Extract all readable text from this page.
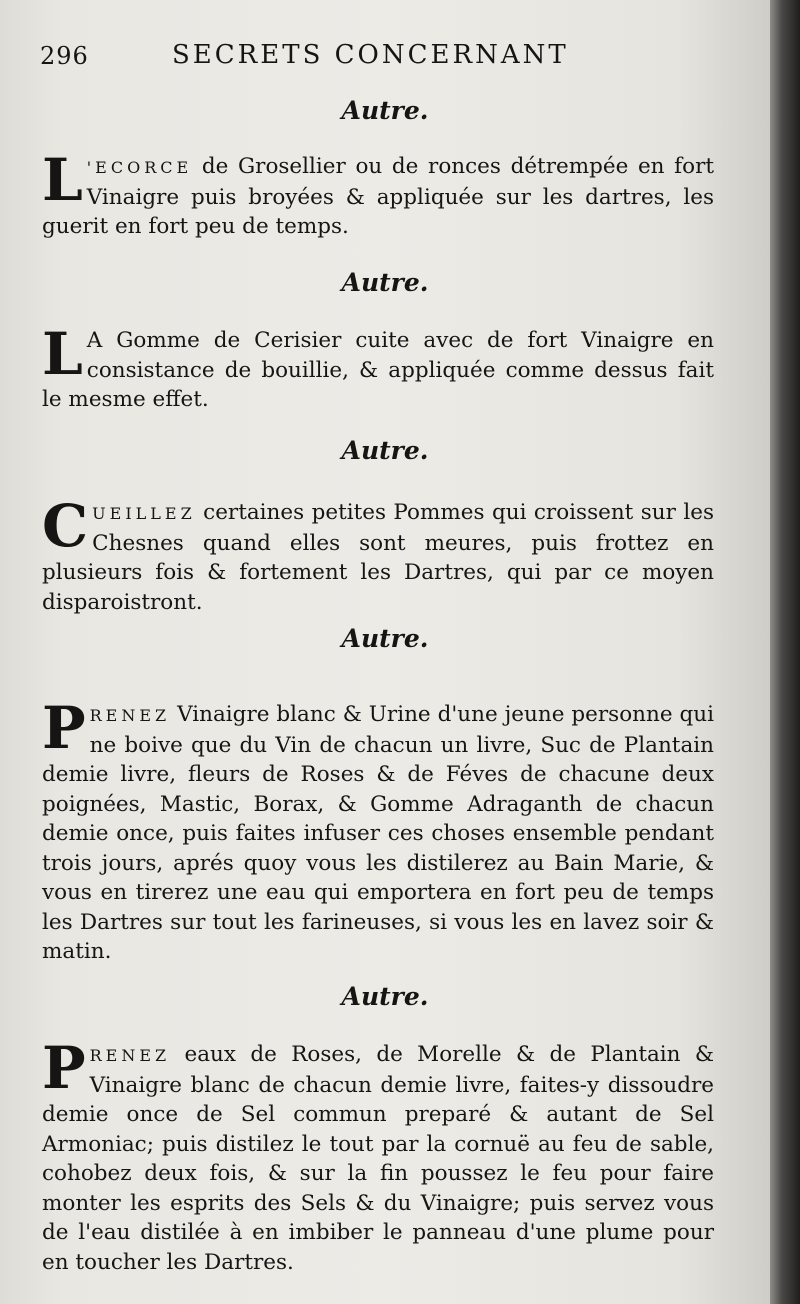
296	SECRETS CONCERNANT
Autre.
L 'ECORCE de Grosellier ou de ronces détrempée en fort Vinaigre puis broyées & appliquée sur les dartres, les guerit en fort peu de temps.
Autre.
L A Gomme de Cerisier cuite avec de fort Vinaigre en consistance de bouillie, & appliquée comme dessus fait le mesme effet.
Autre.
CUEILLEZ certaines petites Pommes qui croissent sur les Chesnes quand elles sont meures, puis frottez en plusieurs fois & fortement les Dartres, qui par ce moyen disparoistront.
Autre.
PRENEZ Vinaigre blanc & Urine d'une jeune personne qui ne boive que du Vin de chacun un livre, Suc de Plantain demie livre, fleurs de Roses & de Féves de chacune deux poignées, Mastic, Borax, & Gomme Adraganth de chacun demie once, puis faites infuser ces choses ensemble pendant trois jours, aprés quoy vous les distilerez au Bain Marie, & vous en tirerez une eau qui emportera en fort peu de temps les Dartres sur tout les farineuses, si vous les en lavez soir & matin.
Autre.
PRENEZ eaux de Roses, de Morelle & de Plantain & Vinaigre blanc de chacun demie livre, faites-y dissoudre demie once de Sel commun preparé & autant de Sel Armoniac; puis distilez le tout par la cornuë au feu de sable, cohobez deux fois, & sur la fin poussez le feu pour faire monter les esprits des Sels & du Vinaigre; puis servez vous de l'eau distilée à en imbiber le panneau d'une plume pour en toucher les Dartres.
